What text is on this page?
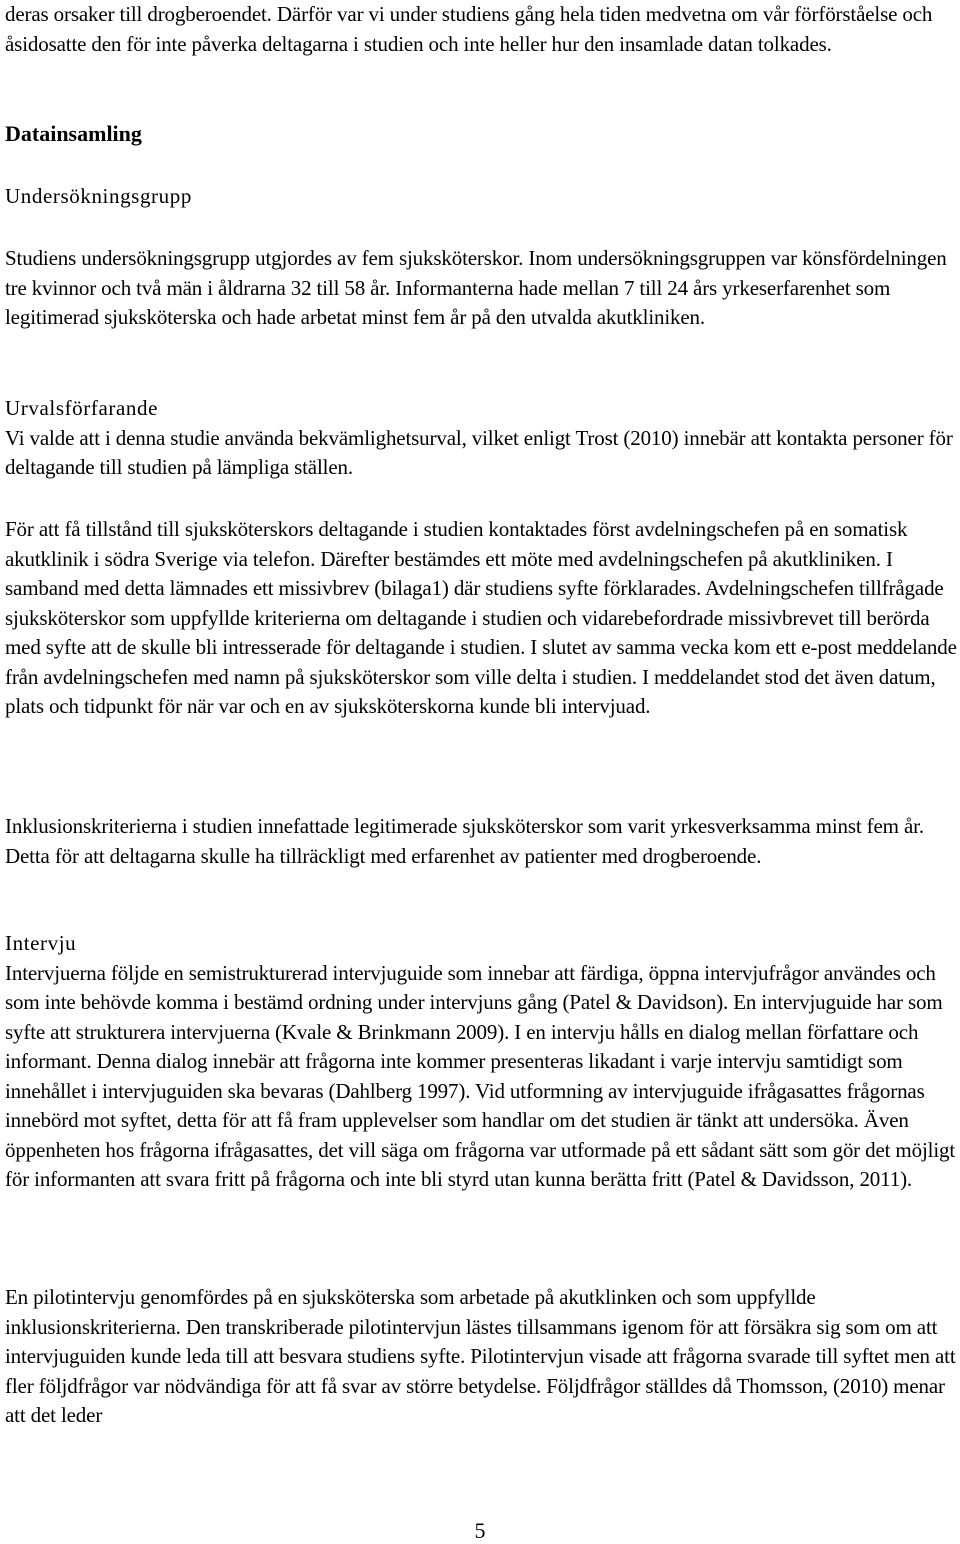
deras orsaker till drogberoendet. Därför var vi under studiens gång hela tiden medvetna om vår förförståelse och åsidosatte den för inte påverka deltagarna i studien och inte heller hur den insamlade datan tolkades.

Datainsamling

Undersökningsgrupp

Studiens undersökningsgrupp utgjordes av fem sjuksköterskor. Inom undersökningsgruppen var könsfördelningen tre kvinnor och två män i åldrarna 32 till 58 år. Informanterna hade mellan 7 till 24 års yrkeserfarenhet som legitimerad sjuksköterska och hade arbetat minst fem år på den utvalda akutkliniken.

Urvalsförfarande

Vi valde att i denna studie använda bekvämlighetsurval, vilket enligt Trost (2010) innebär att kontakta personer för deltagande till studien på lämpliga ställen.

För att få tillstånd till sjuksköterskors deltagande i studien kontaktades först avdelningschefen på en somatisk akutklinik i södra Sverige via telefon. Därefter bestämdes ett möte med avdelningschefen på akutkliniken. I samband med detta lämnades ett missivbrev (bilaga1) där studiens syfte förklarades. Avdelningschefen tillfrågade sjuksköterskor som uppfyllde kriterierna om deltagande i studien och vidarebefordrade missivbrevet till berörda med syfte att de skulle bli intresserade för deltagande i studien. I slutet av samma vecka kom ett e-post meddelande från avdelningschefen med namn på sjuksköterskor som ville delta i studien. I meddelandet stod det även datum, plats och tidpunkt för när var och en av sjuksköterskorna kunde bli intervjuad.

Inklusionskriterierna i studien innefattade legitimerade sjuksköterskor som varit yrkesverksamma minst fem år. Detta för att deltagarna skulle ha tillräckligt med erfarenhet av patienter med drogberoende.

Intervju

Intervjuerna följde en semistrukturerad intervjuguide som innebar att färdiga, öppna intervjufrågor användes och som inte behövde komma i bestämd ordning under intervjuns gång (Patel & Davidson). En intervjuguide har som syfte att strukturera intervjuerna (Kvale & Brinkmann 2009). I en intervju hålls en dialog mellan författare och informant. Denna dialog innebär att frågorna inte kommer presenteras likadant i varje intervju samtidigt som innehållet i intervjuguiden ska bevaras (Dahlberg 1997). Vid utformning av intervjuguide ifrågasattes frågornas innebörd mot syftet, detta för att få fram upplevelser som handlar om det studien är tänkt att undersöka. Även öppenheten hos frågorna ifrågasattes, det vill säga om frågorna var utformade på ett sådant sätt som gör det möjligt för informanten att svara fritt på frågorna och inte bli styrd utan kunna berätta fritt (Patel & Davidsson, 2011).

En pilotintervju genomfördes på en sjuksköterska som arbetade på akutklinken och som uppfyllde inklusionskriterierna. Den transkriberade pilotintervjun lästes tillsammans igenom för att försäkra sig som om att intervjuguiden kunde leda till att besvara studiens syfte. Pilotintervjun visade att frågorna svarade till syftet men att fler följdfrågor var nödvändiga för att få svar av större betydelse. Följdfrågor ställdes då Thomsson, (2010) menar att det leder

5
